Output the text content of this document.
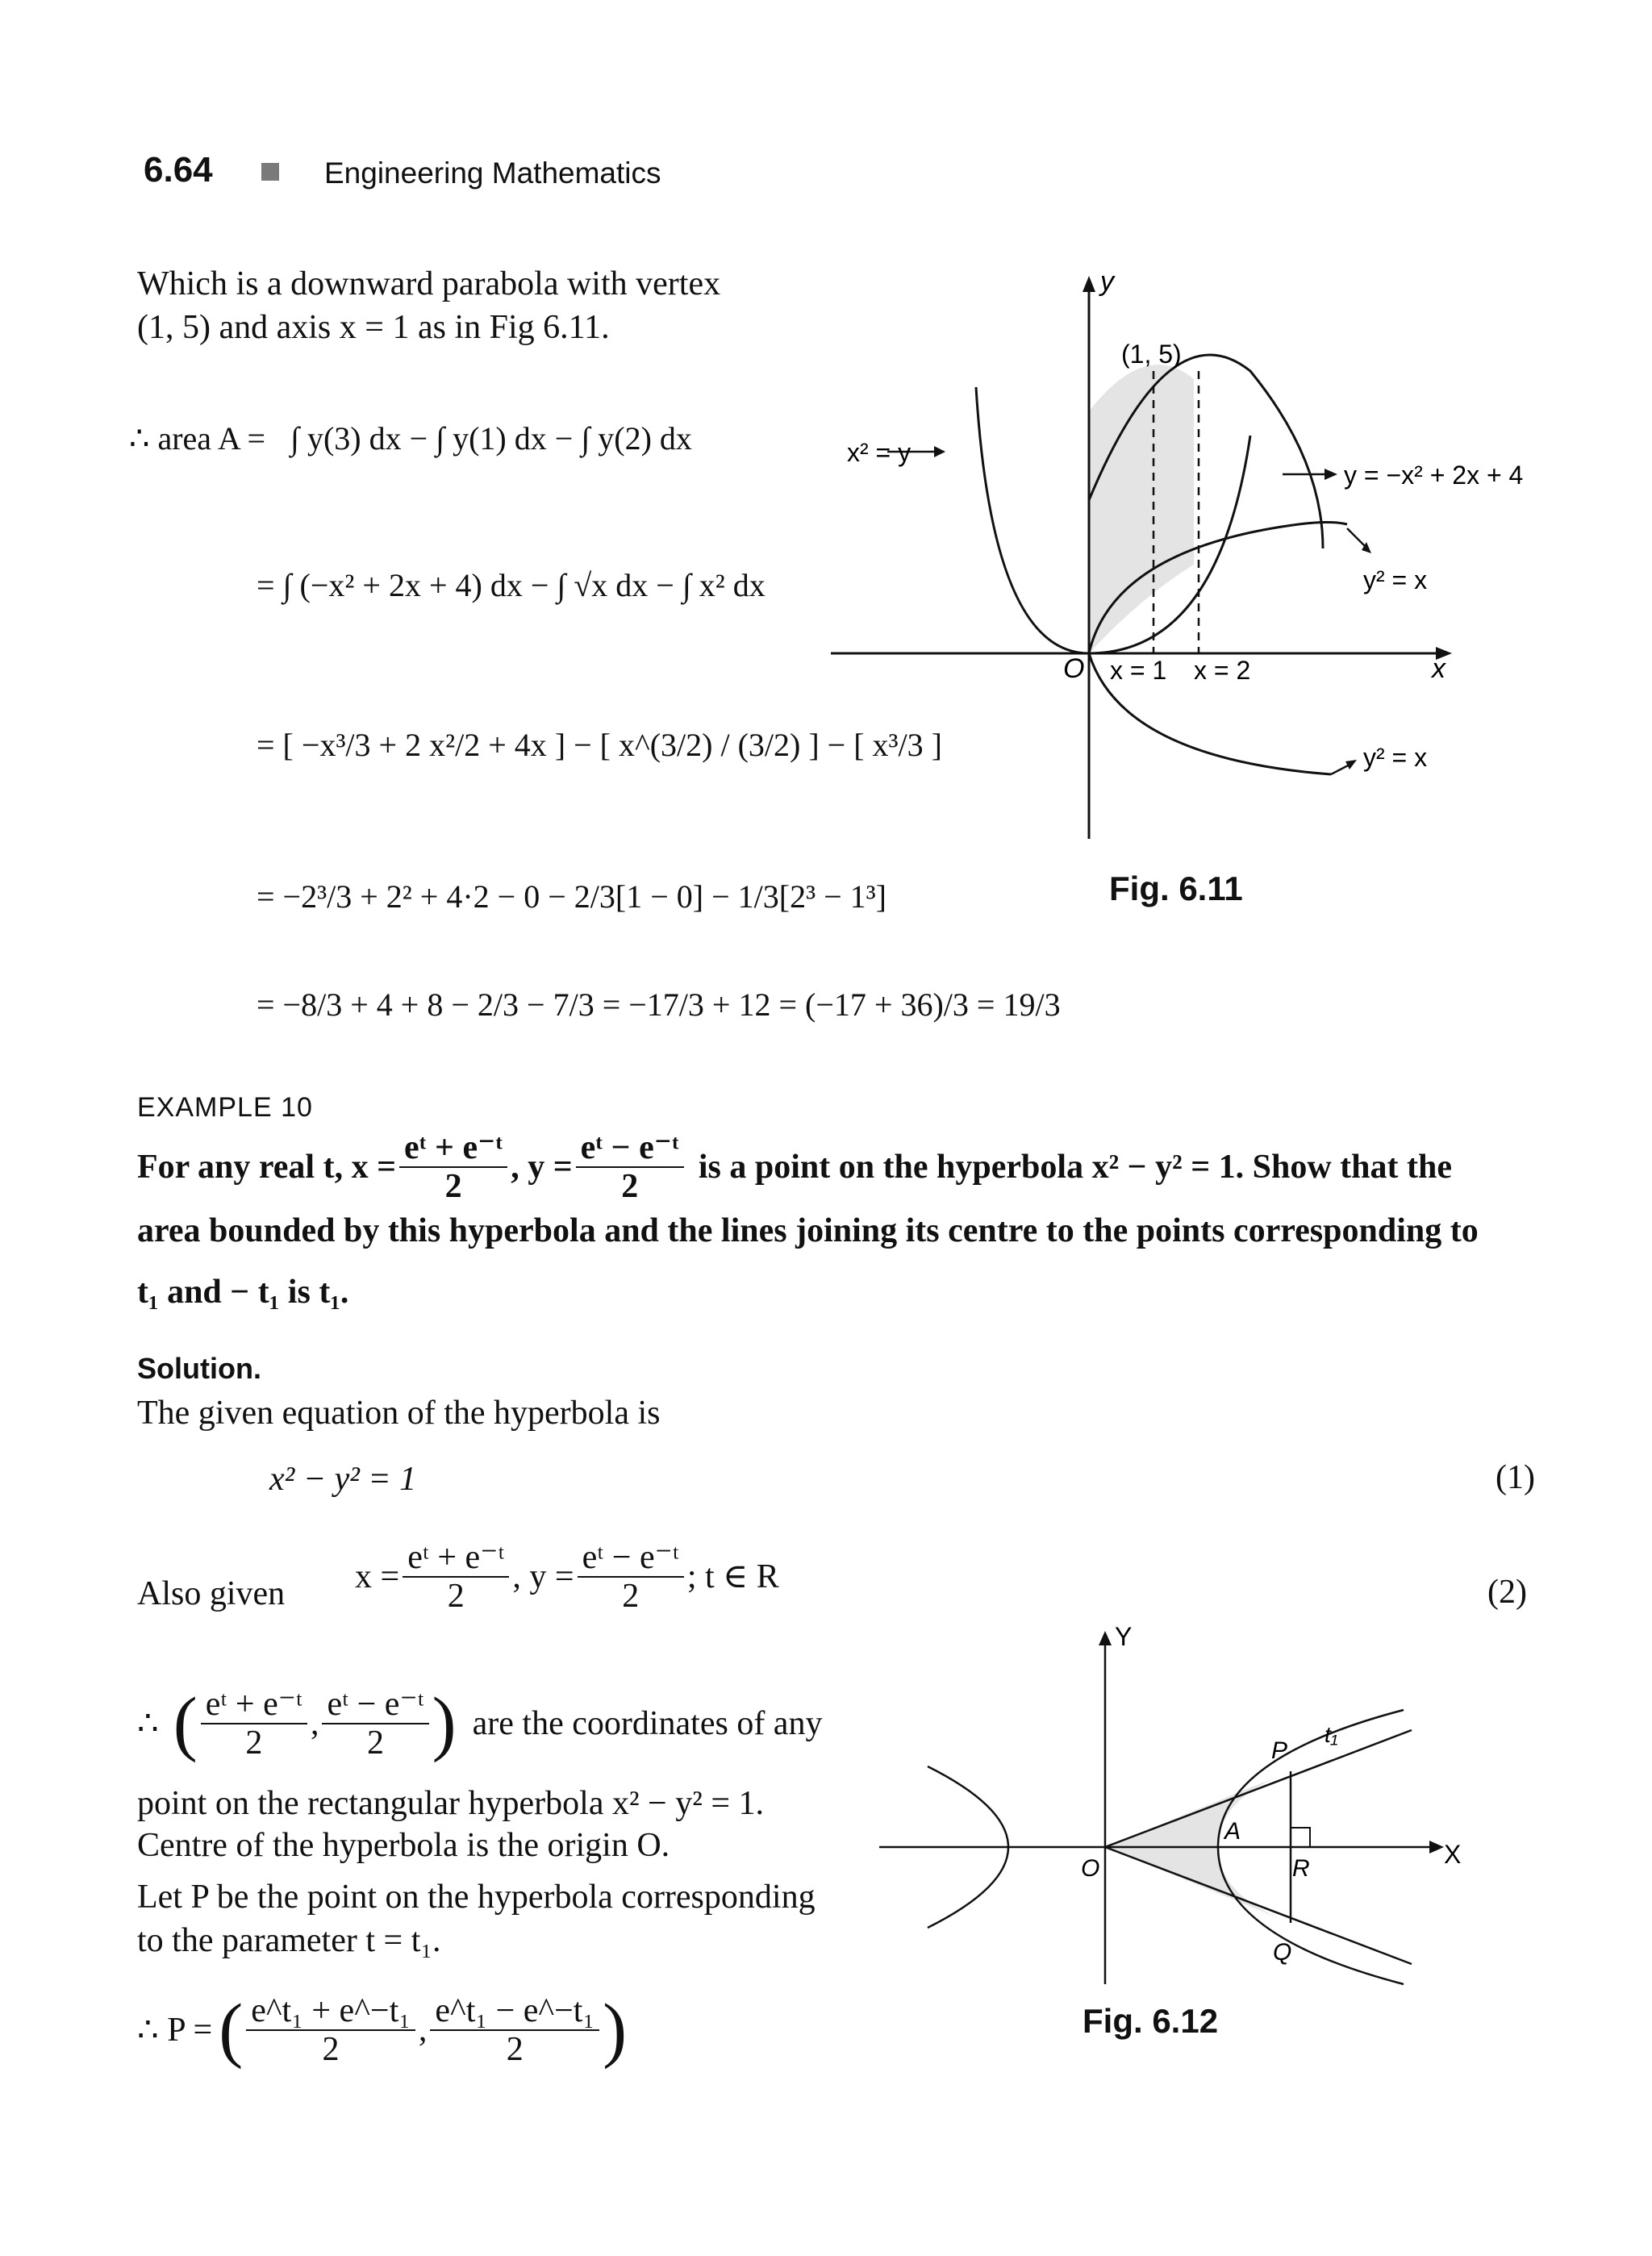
6.64	Engineering Mathematics
Which is a downward parabola with vertex
(1, 5) and axis x = 1 as in Fig 6.11.
∴ area A = ∫ y(3) dx − ∫ y(1) dx − ∫ y(2) dx
= ∫ (−x² + 2x + 4) dx − ∫ √x dx − ∫ x² dx
= [ −x³/3 + 2 x²/2 + 4x ] − [ x^(3/2) / (3/2) ] − [ x³/3 ]
= −2³/3 + 2² + 4·2 − 0 − 2/3[1 − 0] − 1/3[2³ − 1³]
= −8/3 + 4 + 8 − 2/3 − 7/3 = −17/3 + 12 = (−17 + 36)/3 = 19/3
y
x
O
(1, 5)
x² = y
y = −x² + 2x + 4
y² = x
y² = x
x = 1 x = 2
Fig. 6.11
EXAMPLE 10
For any real t, $x = \frac{\text{eᵗ + e⁻ᵗ}}{2}$ , $y = \frac{\text{eᵗ − e⁻ᵗ}}{2}$ is a point on the hyperbola x² − y² = 1. Show that the
area bounded by this hyperbola and the lines joining its centre to the points corresponding to
t₁ and − t₁ is t₁.
Solution.
The given equation of the hyperbola is
x² − y² = 1	(1)
Also given $x = \frac{\text{eᵗ + e⁻ᵗ}}{2}$ , $y = \frac{\text{eᵗ − e⁻ᵗ}}{2}$ ; t ∈ R	(2)
∴ ( $\frac{\text{eᵗ + e⁻ᵗ}}{2}$ , $\frac{\text{eᵗ − e⁻ᵗ}}{2}$ ) are the coordinates of any
point on the rectangular hyperbola x² − y² = 1.
Centre of the hyperbola is the origin O.
Let P be the point on the hyperbola corresponding
to the parameter t = t₁.
∴ P = ( $\frac{\text{e\textasciicircum{}t₁ + e\textasciicircum{}−t₁}}{2}$ , $\frac{\text{e\textasciicircum{}t₁ − e\textasciicircum{}−t₁}}{2}$ )
Y
X
O
P
Q
R
A
t₁
Fig. 6.12
